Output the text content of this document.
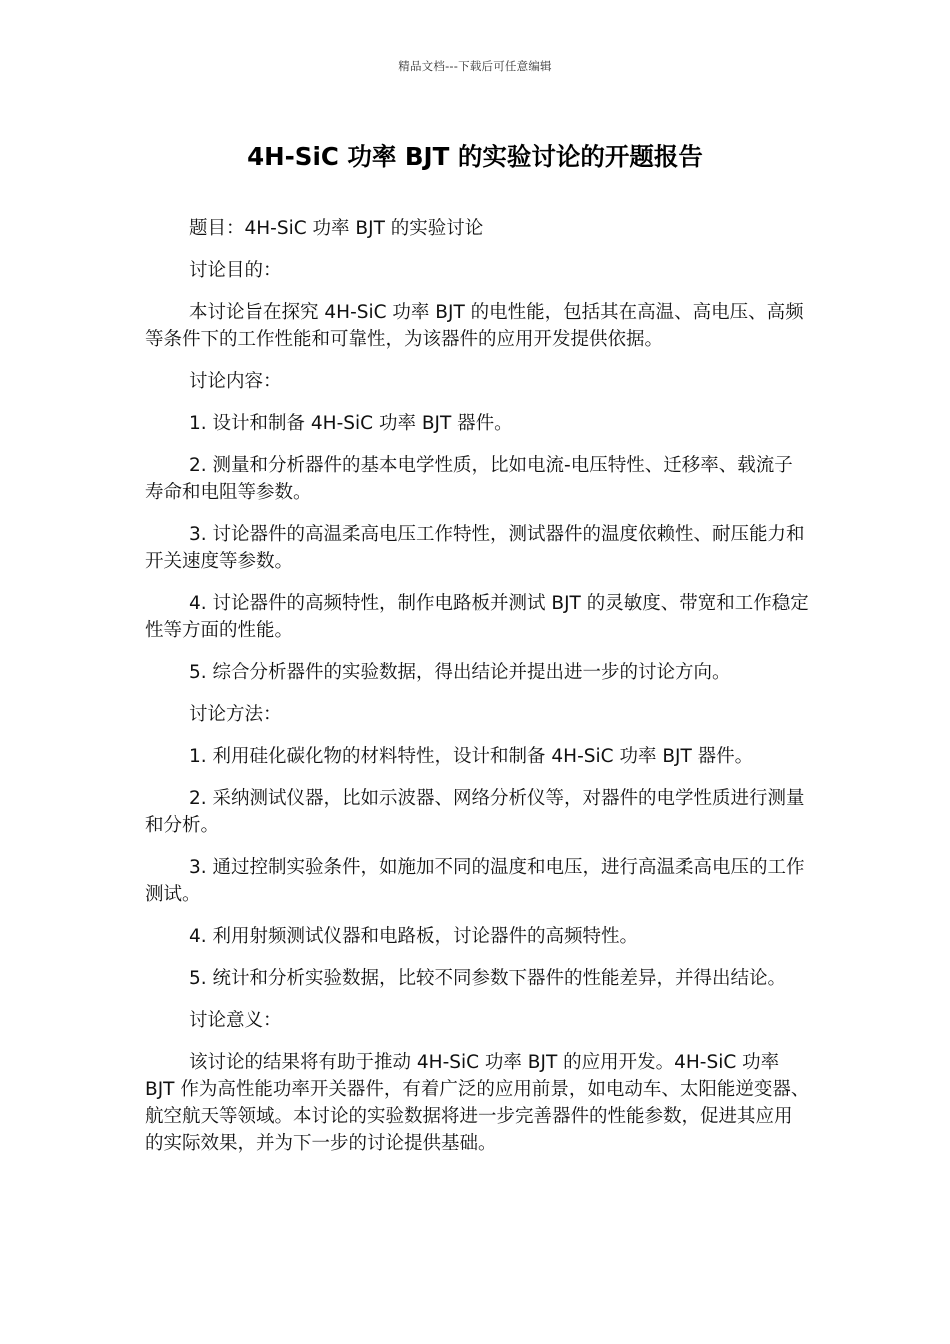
精品文档---下载后可任意编辑
4H-SiC 功率 BJT 的实验讨论的开题报告

题目：4H-SiC 功率 BJT 的实验讨论

讨论目的：

本讨论旨在探究 4H-SiC 功率 BJT 的电性能，包括其在高温、高电压、高频等条件下的工作性能和可靠性，为该器件的应用开发提供依据。

讨论内容：

1. 设计和制备 4H-SiC 功率 BJT 器件。

2. 测量和分析器件的基本电学性质，比如电流-电压特性、迁移率、载流子寿命和电阻等参数。

3. 讨论器件的高温柔高电压工作特性，测试器件的温度依赖性、耐压能力和开关速度等参数。

4. 讨论器件的高频特性，制作电路板并测试 BJT 的灵敏度、带宽和工作稳定性等方面的性能。

5. 综合分析器件的实验数据，得出结论并提出进一步的讨论方向。

讨论方法：

1. 利用硅化碳化物的材料特性，设计和制备 4H-SiC 功率 BJT 器件。

2. 采纳测试仪器，比如示波器、网络分析仪等，对器件的电学性质进行测量和分析。

3. 通过控制实验条件，如施加不同的温度和电压，进行高温柔高电压的工作测试。

4. 利用射频测试仪器和电路板，讨论器件的高频特性。

5. 统计和分析实验数据，比较不同参数下器件的性能差异，并得出结论。

讨论意义：

该讨论的结果将有助于推动 4H-SiC 功率 BJT 的应用开发。4H-SiC 功率 BJT 作为高性能功率开关器件，有着广泛的应用前景，如电动车、太阳能逆变器、航空航天等领域。本讨论的实验数据将进一步完善器件的性能参数，促进其应用的实际效果，并为下一步的讨论提供基础。
